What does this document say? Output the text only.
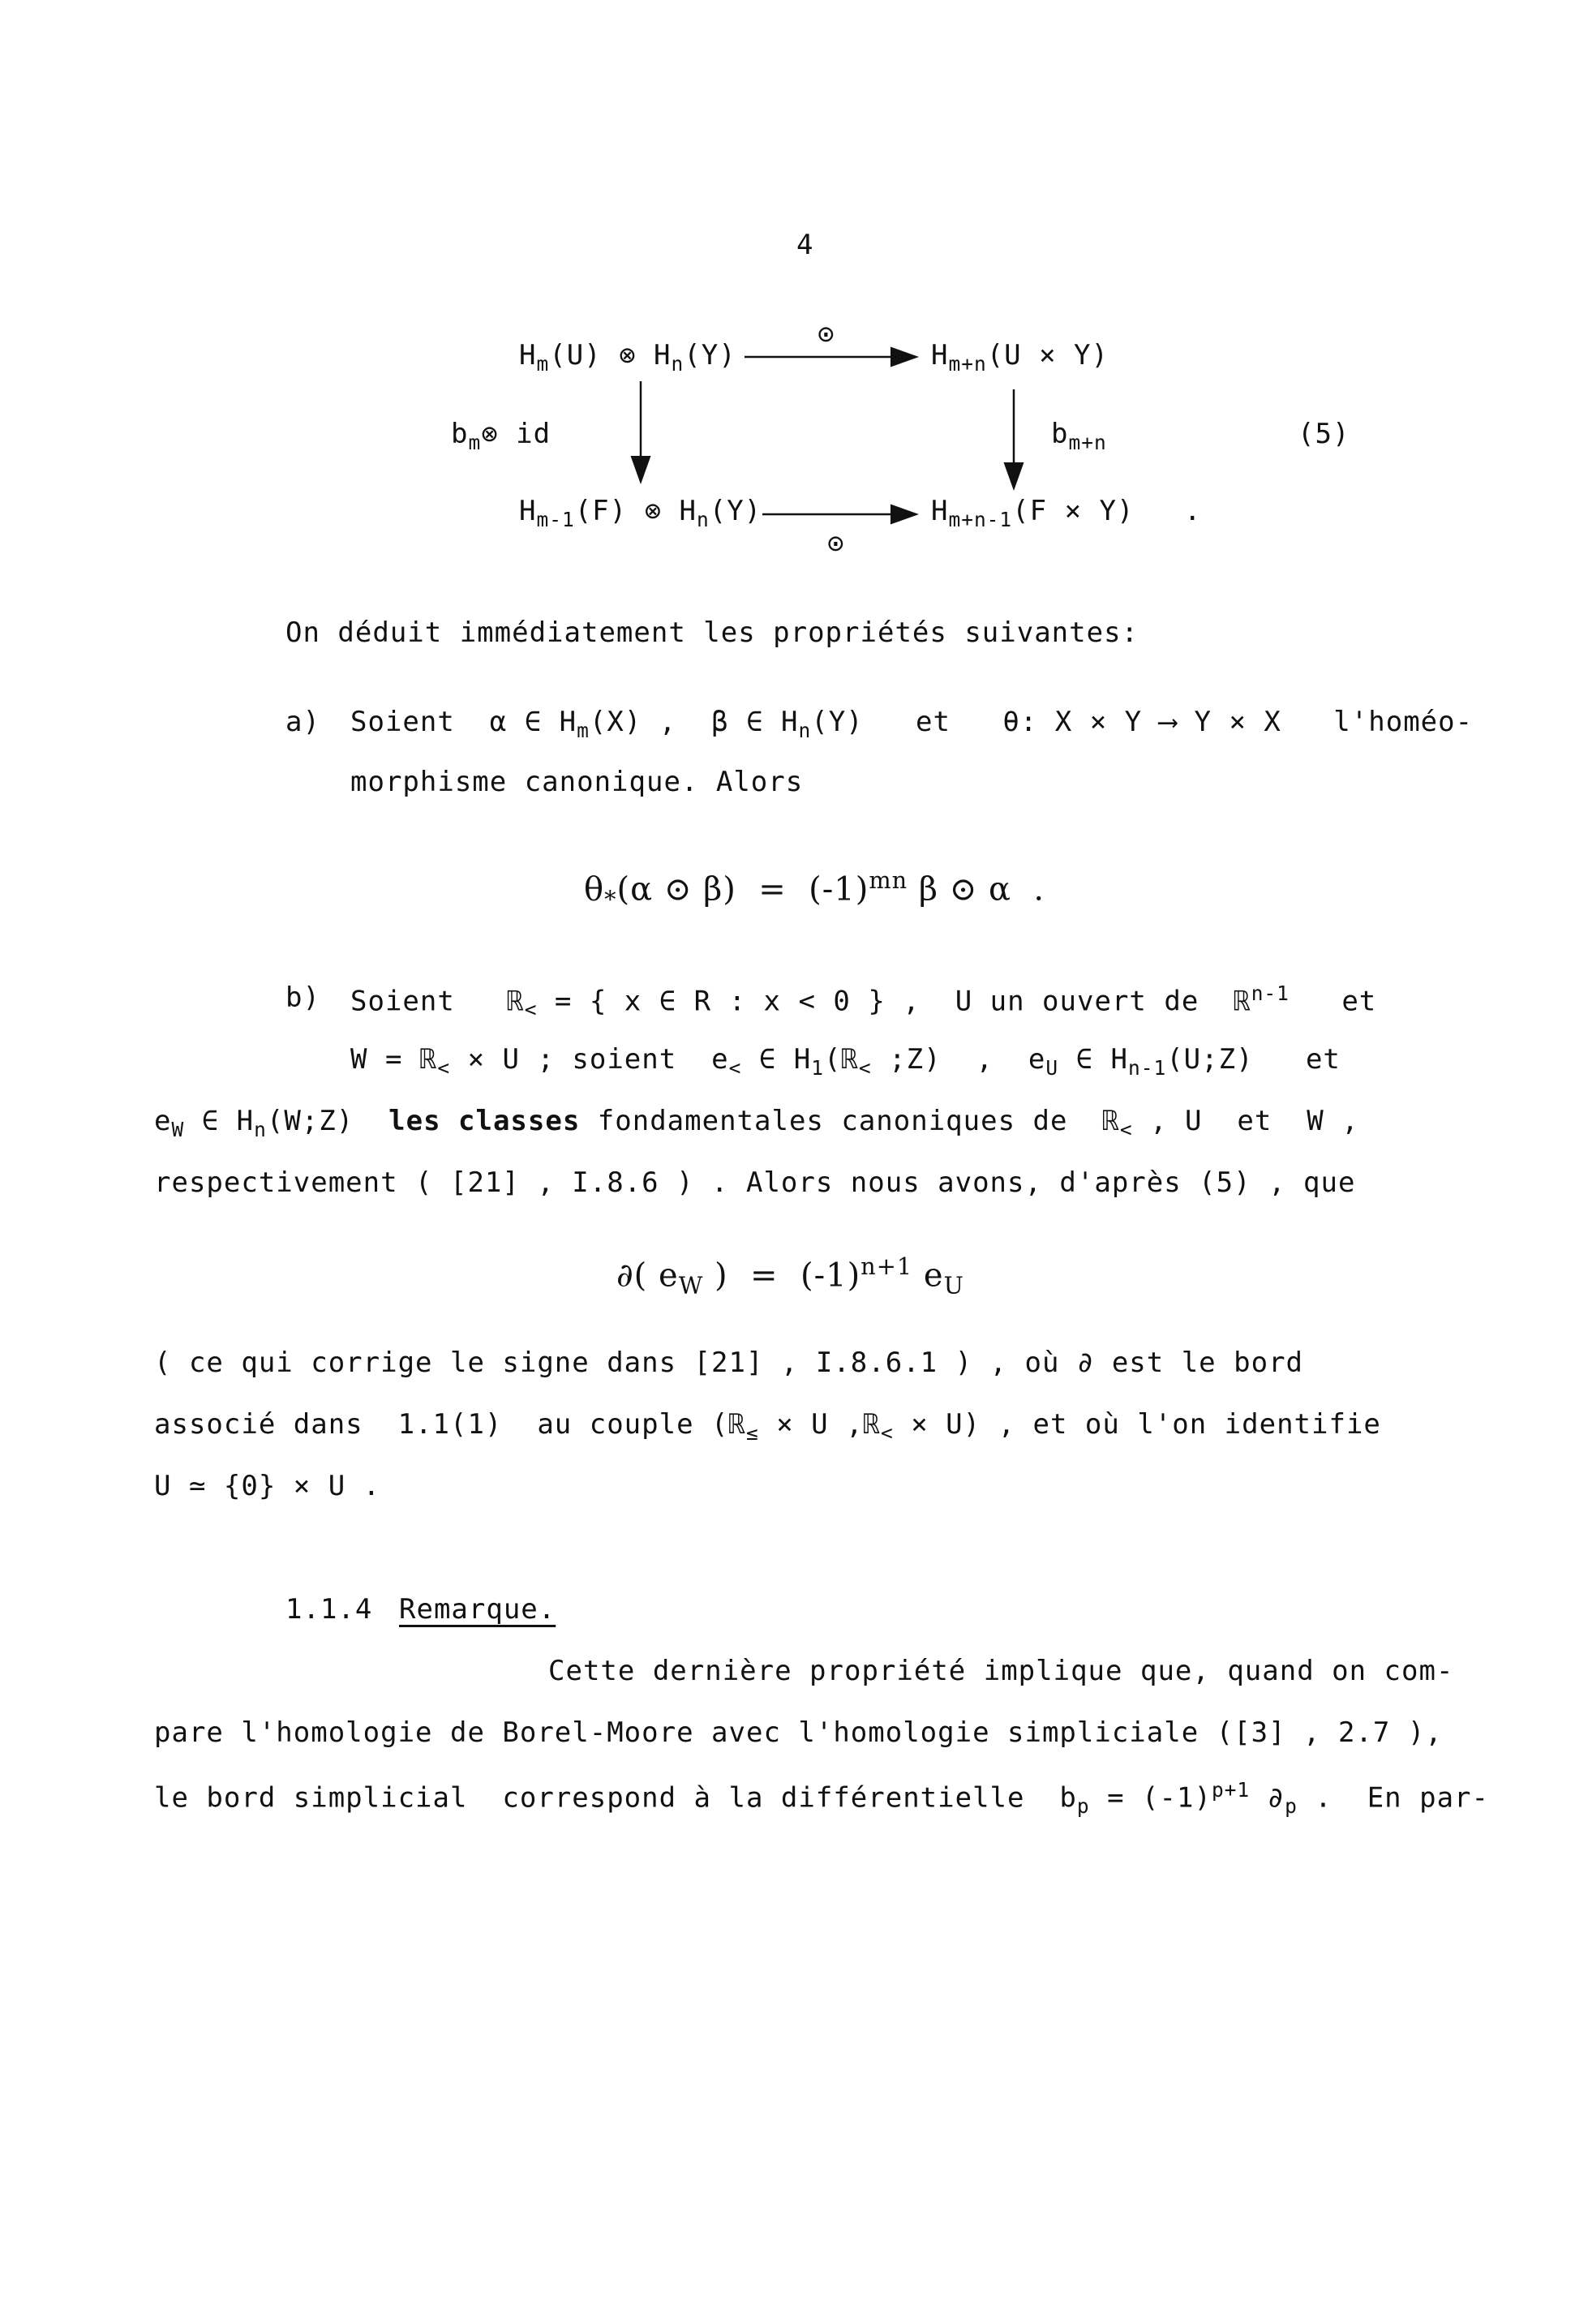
4
$H_m(U)$ ⊗ $H_n(Y)$
⊙
$H_{m+n}(U \times Y)$
$b_m\otimes$ id	$b_{m+n}$	(5)
$H_{m-1}(F)$ ⊗ $H_n(Y)$
⊙
$H_{m+n-1}(F \times Y)$ .
On déduit immédiatement les propriétés suivantes:
a) Soient  α ∈ $H_m(X)$ ,  β ∈ $H_n(Y)$   et   θ: X × Y ⟶ Y × X   l'homéo-
morphisme canonique. Alors
$\theta_*(\alpha$ ⊙ $\beta) = (-1)^{mn}$ β ⊙ α  .
b) Soient   ℝ$_<$ = { x ∈ R : x < 0 } ,  U un ouvert de  ℝ$^{n-1}$   et
W = ℝ$_<$ × U ; soient  $e_<$ ∈ $H_1(ℝ_<$ ;Z)  ,  $e_U$ ∈ $H_{n-1}(U;Z)$   et
$e_W$ ∈ $H_n(W;Z)$  les classes fondamentales canoniques de  ℝ$_<$ , U  et  W ,
respectivement ( [21] , I.8.6 ) . Alors nous avons, d'après (5) , que
∂( $e_W$ )  =  $(-1)^{n+1}$ $e_U$
( ce qui corrige le signe dans [21] , I.8.6.1 ) , où ∂ est le bord
associé dans  1.1(1)  au couple (ℝ$_\le$ × U ,ℝ$_<$ × U) , et où l'on identifie
U ≃ {0} × U .
1.1.4 Remarque.
Cette dernière propriété implique que, quand on com-
pare l'homologie de Borel-Moore avec l'homologie simpliciale ([3] , 2.7 ),
le bord simplicial  correspond à la différentielle  $b_p = (-1)^{p+1}$ $\partial_p$ .  En par-
